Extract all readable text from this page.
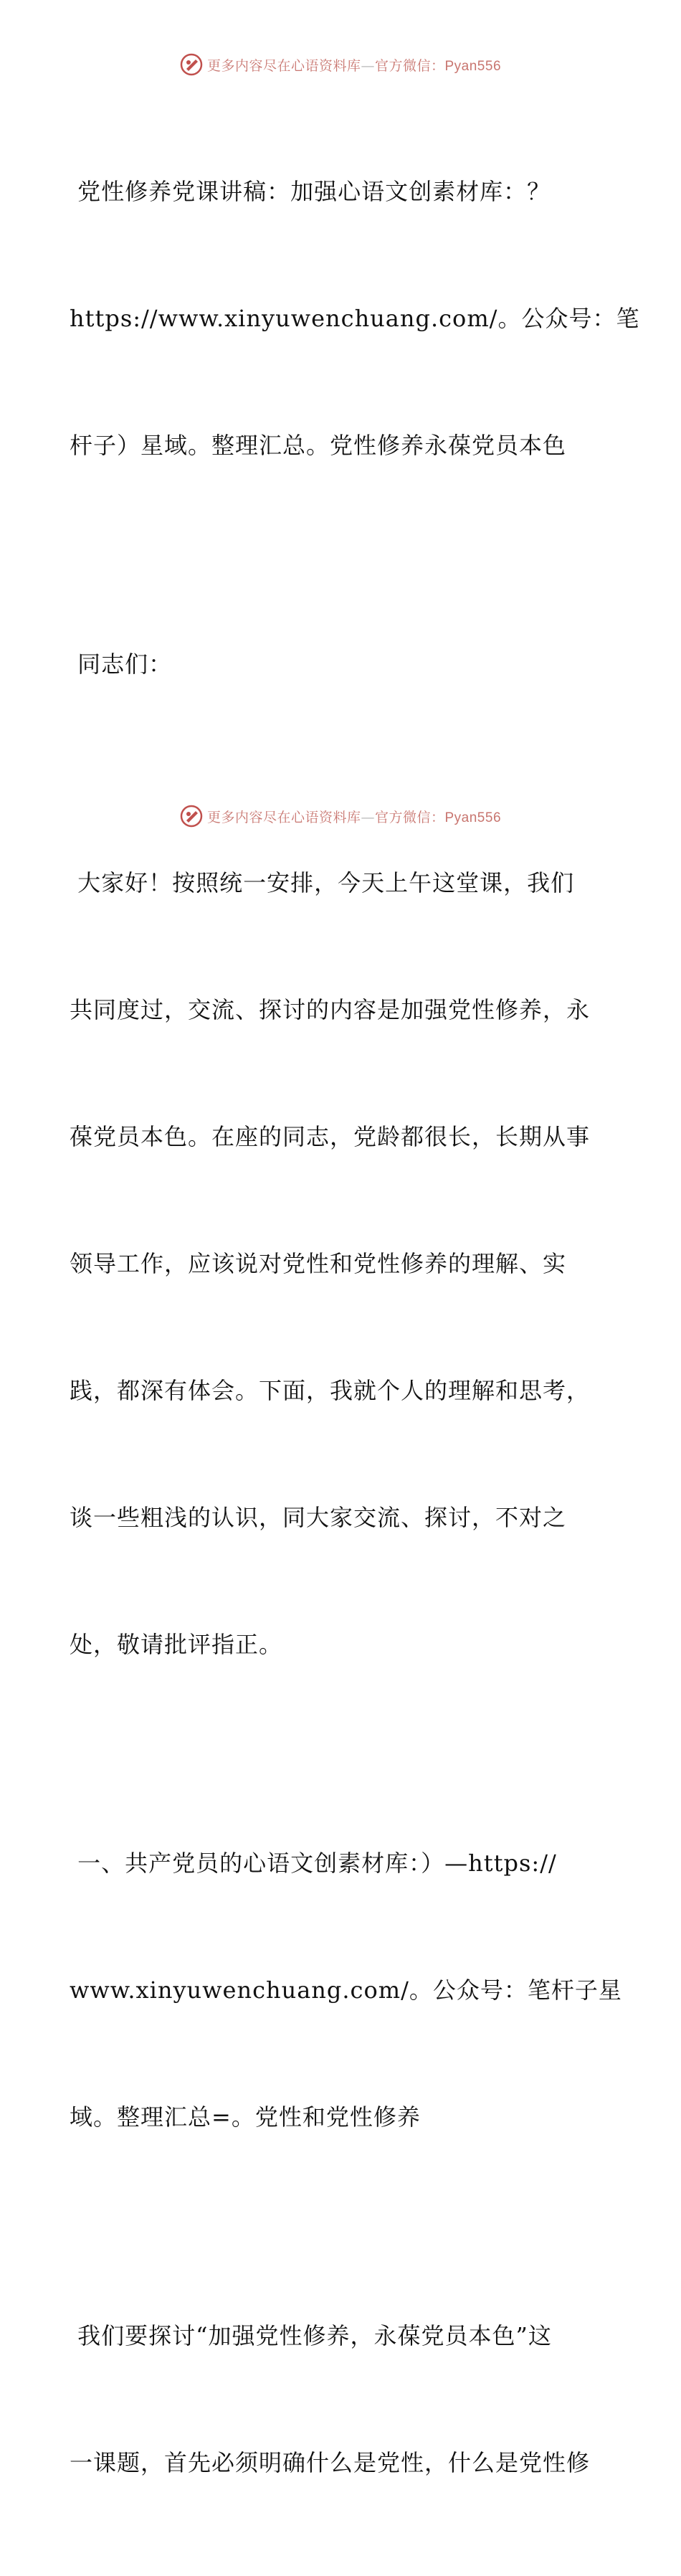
更多内容尽在心语资料库—官方微信：Pyan556

党性修养党课讲稿：加强心语文创素材库：？

https://www.xinyuwenchuang.com/。公众号：笔

杆子）星域。整理汇总。党性修养永葆党员本色

同志们：

大家好！按照统一安排，今天上午这堂课，我们

共同度过，交流、探讨的内容是加强党性修养，永

葆党员本色。在座的同志，党龄都很长，长期从事

领导工作，应该说对党性和党性修养的理解、实

践，都深有体会。下面，我就个人的理解和思考，

谈一些粗浅的认识，同大家交流、探讨，不对之

处，敬请批评指正。

一、共产党员的心语文创素材库：）—https://

www.xinyuwenchuang.com/。公众号：笔杆子星

域。整理汇总=。党性和党性修养

我们要探讨“加强党性修养，永葆党员本色”这

一课题，首先必须明确什么是党性，什么是党性修

更多内容尽在心语资料库—官方微信：Pyan556
